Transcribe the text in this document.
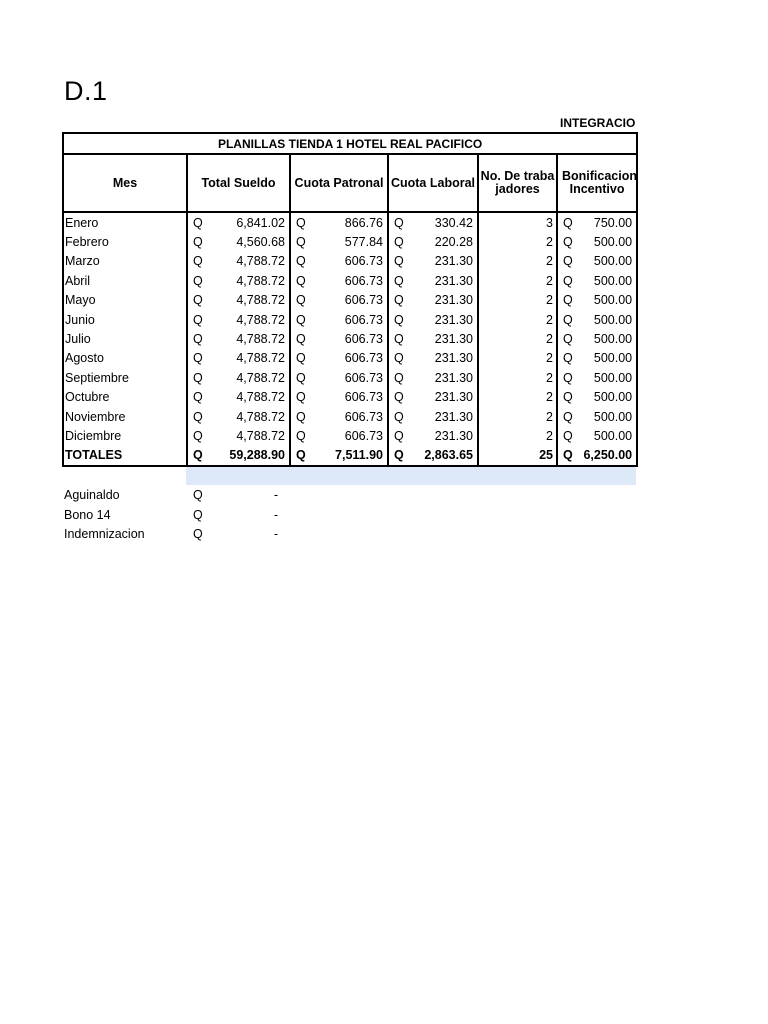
D.1
INTEGRACIO
PLANILLAS TIENDA 1 HOTEL REAL PACIFICO									
Mes	Total Sueldo		Cuota Patronal		Cuota Laboral		No. De trabajadores	Bonificacion Incentivo	
Enero	Q	6,841.02	Q	866.76	Q	330.42	3	Q	750.00
Febrero	Q	4,560.68	Q	577.84	Q	220.28	2	Q	500.00
Marzo	Q	4,788.72	Q	606.73	Q	231.30	2	Q	500.00
Abril	Q	4,788.72	Q	606.73	Q	231.30	2	Q	500.00
Mayo	Q	4,788.72	Q	606.73	Q	231.30	2	Q	500.00
Junio	Q	4,788.72	Q	606.73	Q	231.30	2	Q	500.00
Julio	Q	4,788.72	Q	606.73	Q	231.30	2	Q	500.00
Agosto	Q	4,788.72	Q	606.73	Q	231.30	2	Q	500.00
Septiembre	Q	4,788.72	Q	606.73	Q	231.30	2	Q	500.00
Octubre	Q	4,788.72	Q	606.73	Q	231.30	2	Q	500.00
Noviembre	Q	4,788.72	Q	606.73	Q	231.30	2	Q	500.00
Diciembre	Q	4,788.72	Q	606.73	Q	231.30	2	Q	500.00
TOTALES	Q	59,288.90	Q	7,511.90	Q	2,863.65	25	Q	6,250.00
Aguinaldo	Q	-
Bono 14	Q	-
Indemnizacion	Q	-
